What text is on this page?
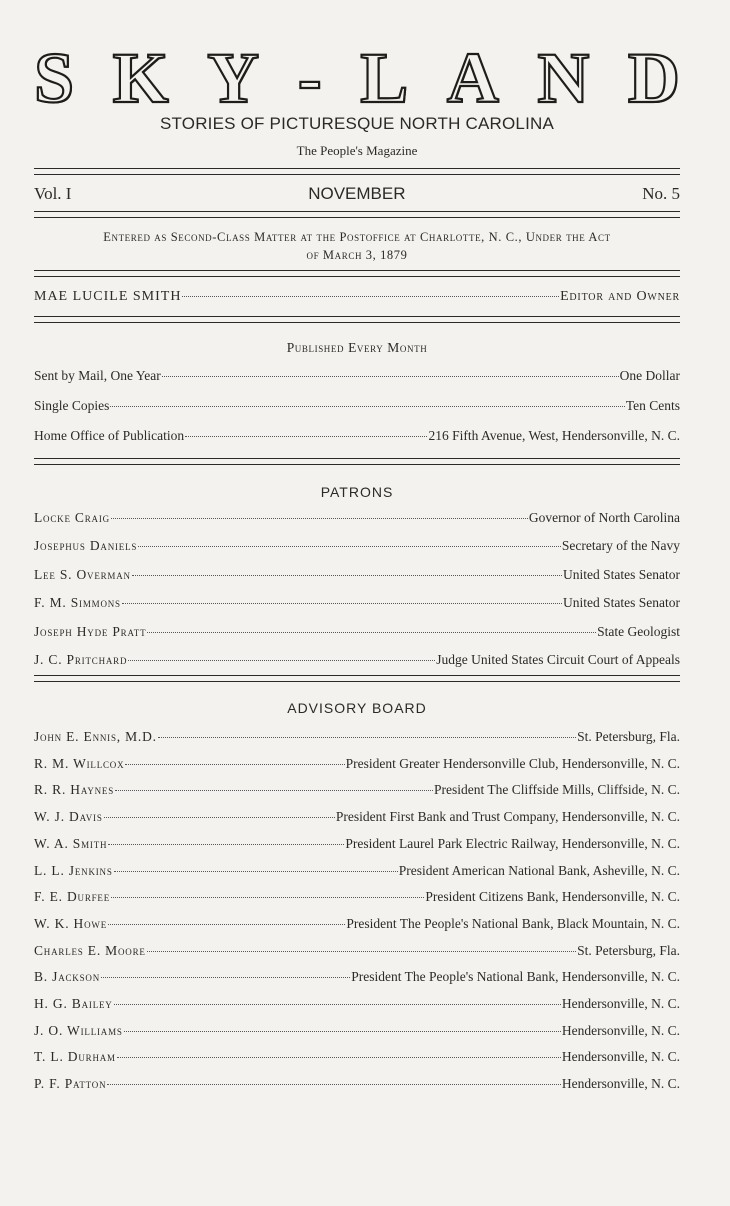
S K Y - L A N D
STORIES OF PICTURESQUE NORTH CAROLINA
The People's Magazine
Vol. I	NOVEMBER	No. 5
Entered as Second-Class Matter at the Postoffice at Charlotte, N. C., Under the Act
of March 3, 1879
MAE LUCILE SMITH	Editor and Owner
Published Every Month
Sent by Mail, One Year	One Dollar
Single Copies	Ten Cents
Home Office of Publication	216 Fifth Avenue, West, Hendersonville, N. C.
PATRONS
Locke Craig	Governor of North Carolina
Josephus Daniels	Secretary of the Navy
Lee S. Overman	United States Senator
F. M. Simmons	United States Senator
Joseph Hyde Pratt	State Geologist
J. C. Pritchard	Judge United States Circuit Court of Appeals
ADVISORY BOARD
John E. Ennis, M.D.	St. Petersburg, Fla.
R. M. Willcox	President Greater Hendersonville Club, Hendersonville, N. C.
R. R. Haynes	President The Cliffside Mills, Cliffside, N. C.
W. J. Davis	President First Bank and Trust Company, Hendersonville, N. C.
W. A. Smith	President Laurel Park Electric Railway, Hendersonville, N. C.
L. L. Jenkins	President American National Bank, Asheville, N. C.
F. E. Durfee	President Citizens Bank, Hendersonville, N. C.
W. K. Howe	President The People's National Bank, Black Mountain, N. C.
Charles E. Moore	St. Petersburg, Fla.
B. Jackson	President The People's National Bank, Hendersonville, N. C.
H. G. Bailey	Hendersonville, N. C.
J. O. Williams	Hendersonville, N. C.
T. L. Durham	Hendersonville, N. C.
P. F. Patton	Hendersonville, N. C.
